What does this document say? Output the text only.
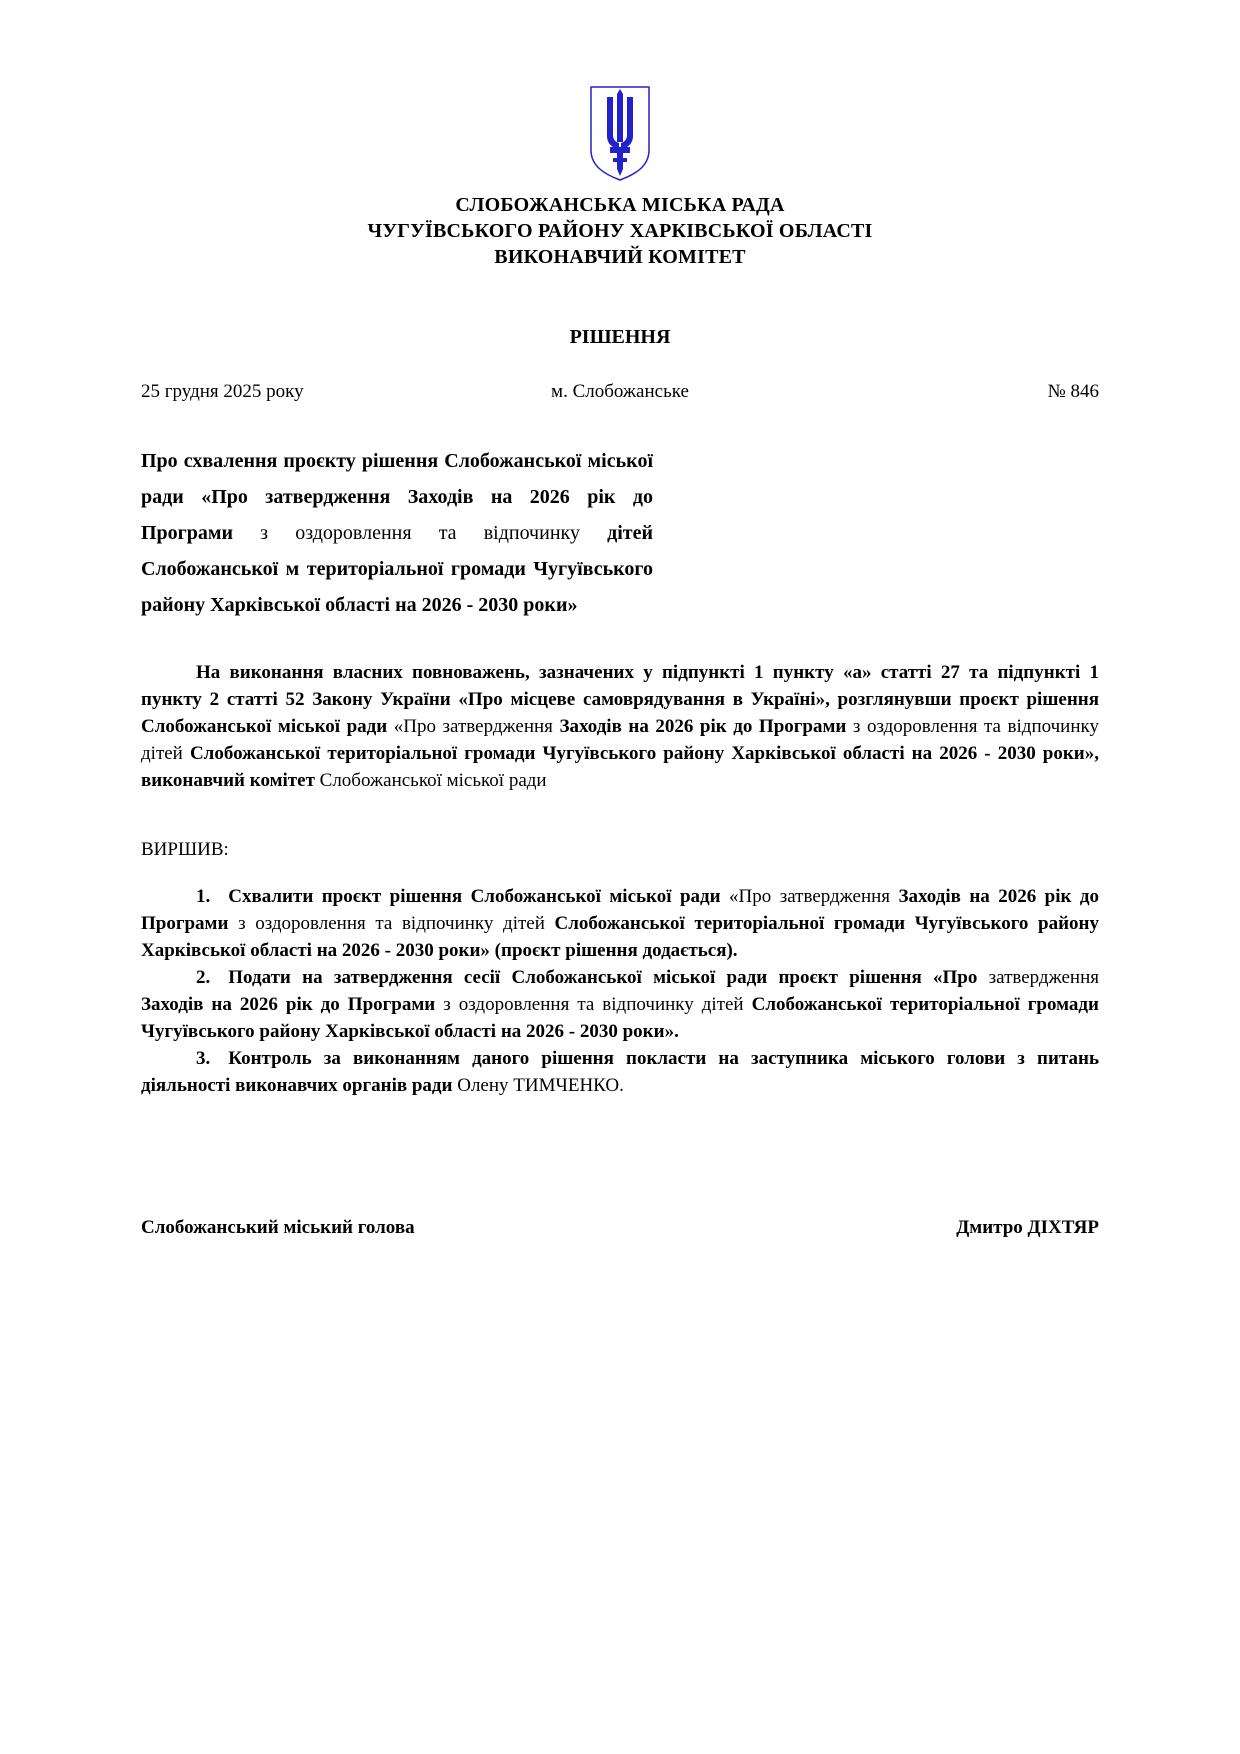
СЛОБОЖАНСЬКА МІСЬКА РАДА
ЧУГУЇВСЬКОГО РАЙОНУ ХАРКІВСЬКОЇ ОБЛАСТІ
ВИКОНАВЧИЙ КОМІТЕТ
РІШЕННЯ
25 грудня 2025 року	м. Слобожанське	№ 846

Про схвалення проєкту рішення Слобожанської міської ради «Про затвердження Заходів на 2026 рік до Програми з оздоровлення та відпочинку дітей Слобожанської м територіальної громади Чугуївського району Харківської області на 2026 - 2030 роки»

На виконання власних повноважень, зазначених у підпункті 1 пункту «а» статті 27 та підпункті 1 пункту 2 статті 52 Закону України «Про місцеве самоврядування в Україні», розглянувши проєкт рішення Слобожанської міської ради «Про затвердження Заходів на 2026 рік до Програми з оздоровлення та відпочинку дітей Слобожанської територіальної громади Чугуївського району Харківської області на 2026 - 2030 роки», виконавчий комітет Слобожанської міської ради

ВИРШИВ:

1. Схвалити проєкт рішення Слобожанської міської ради «Про затвердження Заходів на 2026 рік до Програми з оздоровлення та відпочинку дітей Слобожанської територіальної громади Чугуївського району Харківської області на 2026 - 2030 роки» (проєкт рішення додається).

2. Подати на затвердження сесії Слобожанської міської ради проєкт рішення «Про затвердження Заходів на 2026 рік до Програми з оздоровлення та відпочинку дітей Слобожанської територіальної громади Чугуївського району Харківської області на 2026 - 2030 роки».

3. Контроль за виконанням даного рішення покласти на заступника міського голови з питань діяльності виконавчих органів ради Олену ТИМЧЕНКО.

Слобожанський міський голова	Дмитро ДІХТЯР
